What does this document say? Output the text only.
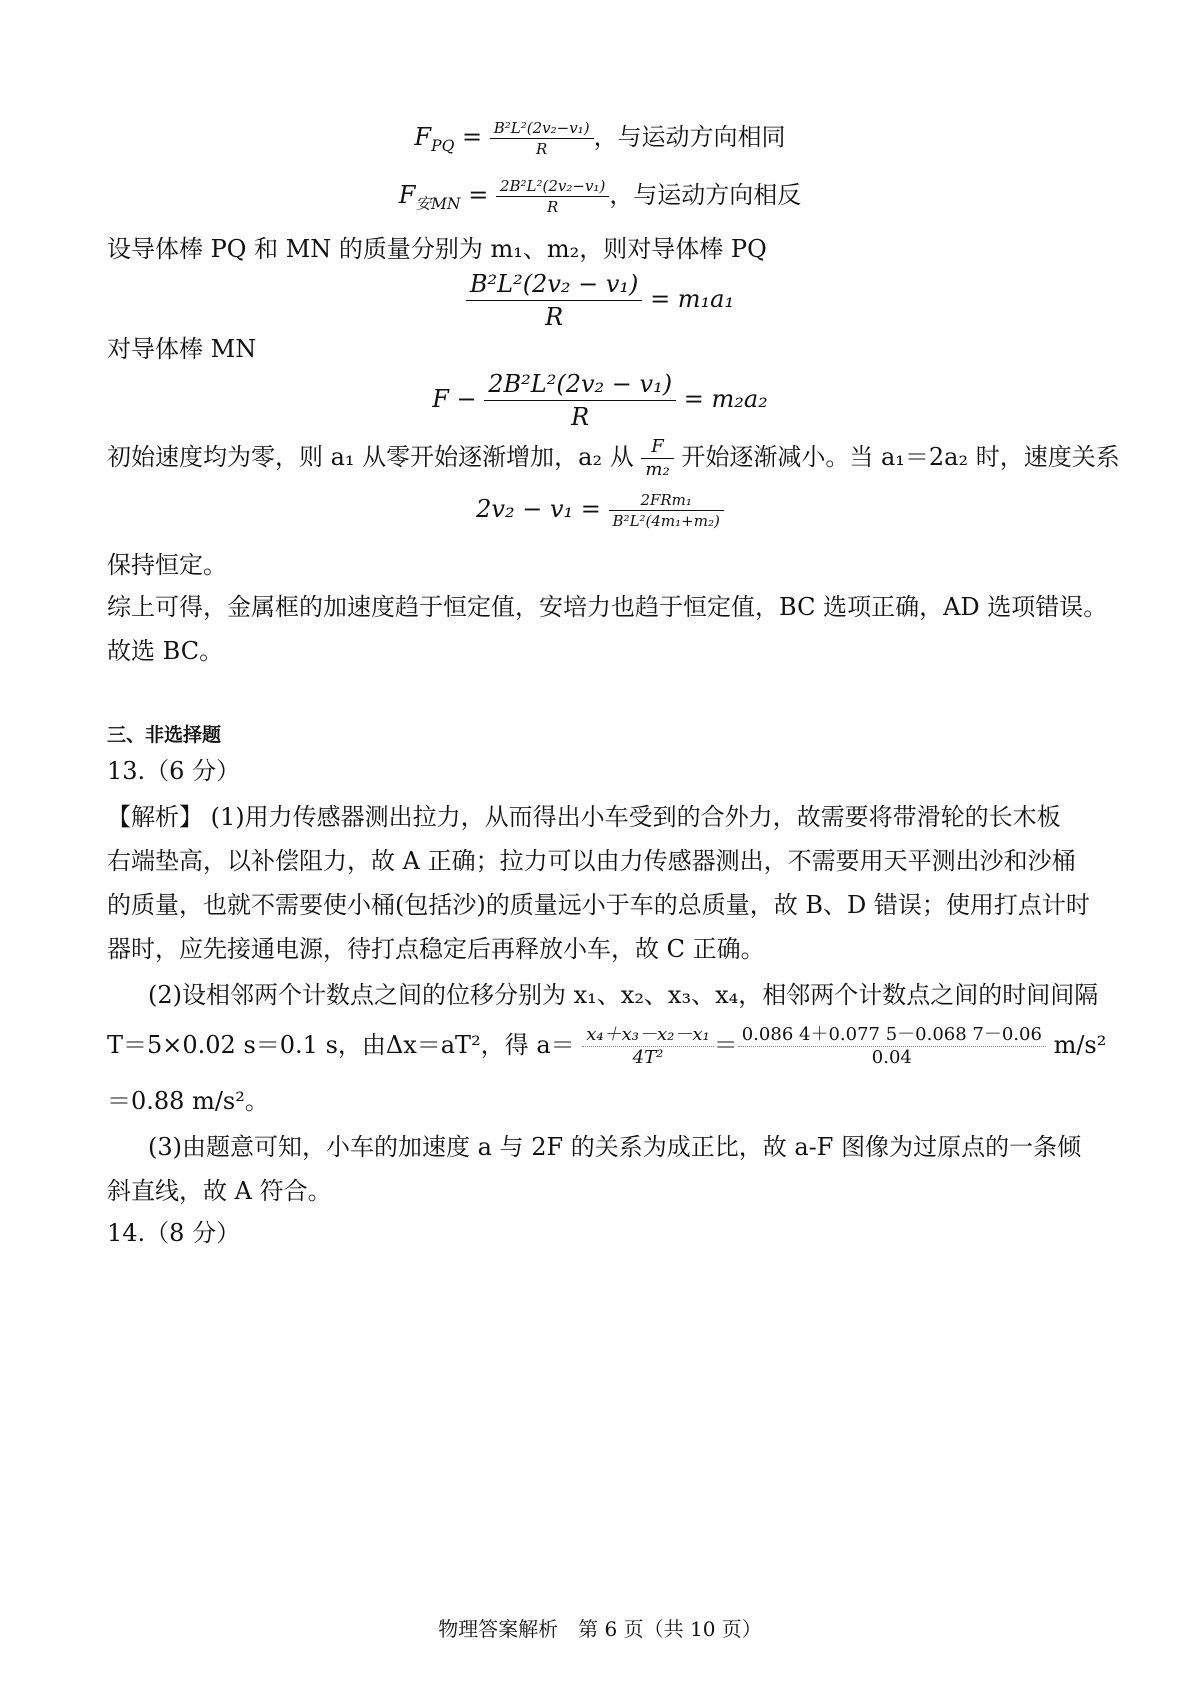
$F_{PQ} = \frac{\text{B²L²(2v₂−v₁)}}{R}$ ，与运动方向相同
$F_{安MN} = \frac{\text{2B²L²(2v₂−v₁)}}{R}$ ，与运动方向相反
设导体棒 PQ 和 MN 的质量分别为 m₁、m₂，则对导体棒 PQ
$\frac{\text{B²L²(2v₂ − v₁)}}{R} = m_1a_1$
对导体棒 MN
$F - \frac{\text{2B²L²(2v₂ − v₁)}}{R} = m_2a_2$
初始速度均为零，则 a₁ 从零开始逐渐增加，a₂ 从 $\frac{F}{\text{m₂}}$ 开始逐渐减小。当 a₁＝2a₂ 时，速度关系
$2v_2 - v_1 = \frac{\text{2FRm₁}}{\text{B²L²(4m₁+m₂)}}$
保持恒定。
综上可得，金属框的加速度趋于恒定值，安培力也趋于恒定值，BC 选项正确，AD 选项错误。
故选 BC。
三、非选择题
13.（6 分）
【解析】 (1)用力传感器测出拉力，从而得出小车受到的合外力，故需要将带滑轮的长木板
右端垫高，以补偿阻力，故 A 正确；拉力可以由力传感器测出，不需要用天平测出沙和沙桶
的质量，也就不需要使小桶(包括沙)的质量远小于车的总质量，故 B、D 错误；使用打点计时
器时，应先接通电源，待打点稳定后再释放小车，故 C 正确。
(2)设相邻两个计数点之间的位移分别为 x₁、x₂、x₃、x₄，相邻两个计数点之间的时间间隔
T＝5×0.02 s＝0.1 s，由Δx＝aT²，得 $a= \frac{\text{x₄＋x₃－x₂－x₁}}{\text{4T²}} = \frac{0.086 4+0.077 5-0.068 7-0.06}{0.04} m/s^2$
＝0.88 m/s²。
(3)由题意可知，小车的加速度 a 与 2F 的关系为成正比，故 a-F 图像为过原点的一条倾
斜直线，故 A 符合。
14.（8 分）
物理答案解析　第 6 页（共 10 页）
